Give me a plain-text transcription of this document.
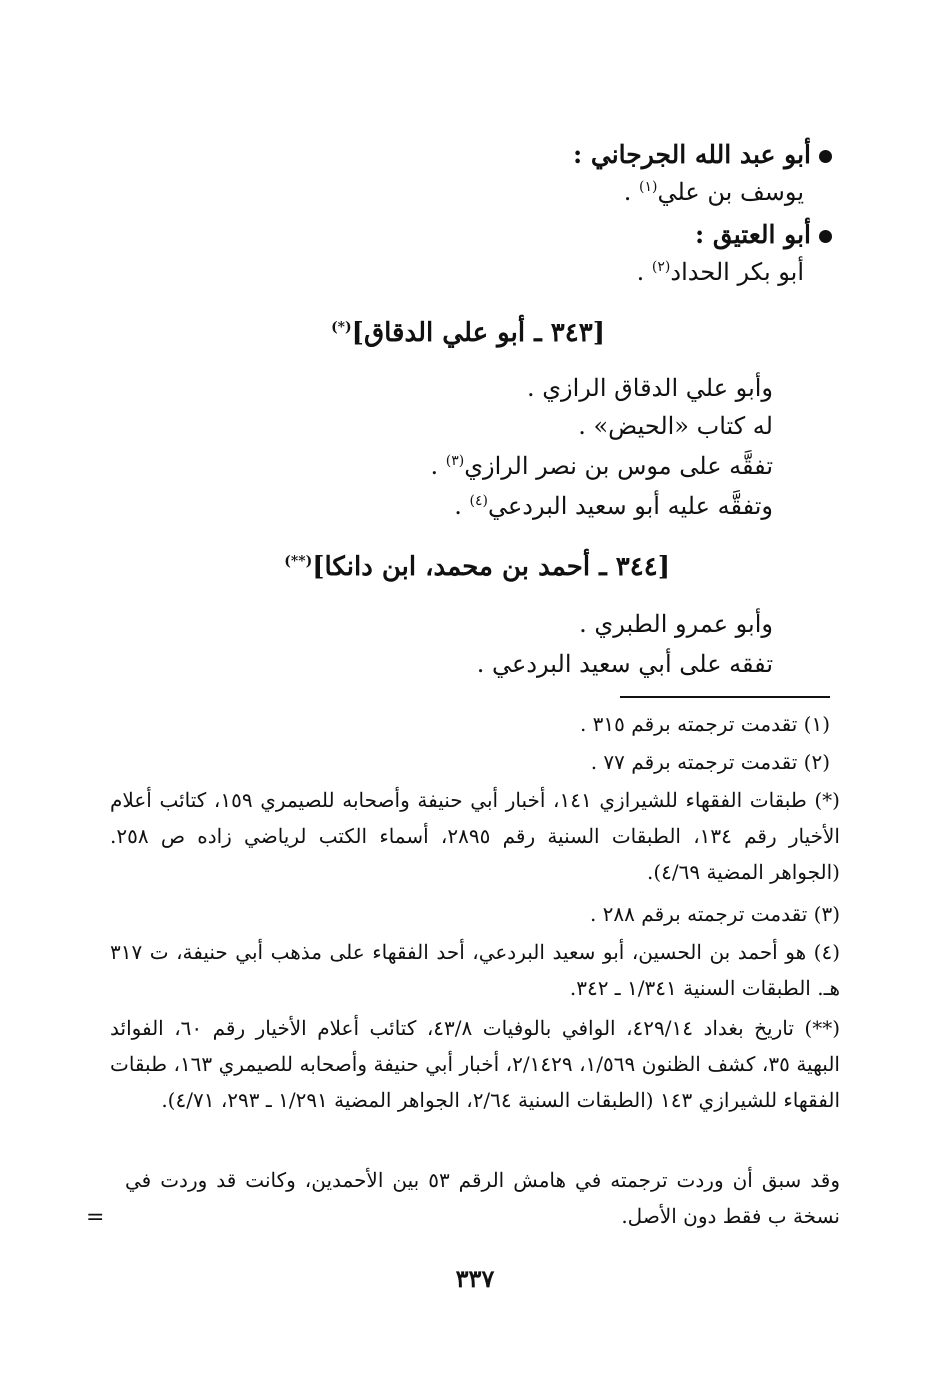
أبو عبد الله الجرجاني :
يوسف بن علي$^{(١)}$ .
أبو العتيق :
أبو بكر الحداد$^{(٢)}$ .
[٣٤٣ ـ أبو علي الدقاق](*)
وأبو علي الدقاق الرازي .
له كتاب «الحيض» .
تفقَّه على موس بن نصر الرازي$^{(٣)}$ .
وتفقَّه عليه أبو سعيد البردعي$^{(٤)}$ .
[٣٤٤ ـ أحمد بن محمد، ابن دانكا](**)
وأبو عمرو الطبري .
تفقه على أبي سعيد البردعي .
(١) تقدمت ترجمته برقم ٣١٥ .
(٢) تقدمت ترجمته برقم ٧٧ .
(*) طبقات الفقهاء للشيرازي ١٤١، أخبار أبي حنيفة وأصحابه للصيمري ١٥٩، كتائب أعلام الأخيار رقم ١٣٤، الطبقات السنية رقم ٢٨٩٥، أسماء الكتب لرياضي زاده ص ٢٥٨. (الجواهر المضية ٤/٦٩).
(٣) تقدمت ترجمته برقم ٢٨٨ .
(٤) هو أحمد بن الحسين، أبو سعيد البردعي، أحد الفقهاء على مذهب أبي حنيفة، ت ٣١٧ هـ. الطبقات السنية ١/٣٤١ ـ ٣٤٢.
(**) تاريخ بغداد ٤٢٩/١٤، الوافي بالوفيات ٤٣/٨، كتائب أعلام الأخيار رقم ٦٠، الفوائد البهية ٣٥، كشف الظنون ١/٥٦٩، ٢/١٤٢٩، أخبار أبي حنيفة وأصحابه للصيمري ١٦٣، طبقات الفقهاء للشيرازي ١٤٣ (الطبقات السنية ٢/٦٤، الجواهر المضية ١/٢٩١ ـ ٢٩٣، ٤/٧١).
وقد سبق أن وردت ترجمته في هامش الرقم ٥٣ بين الأحمدين، وكانت قد وردت في نسخة ب فقط دون الأصل.
=
٣٣٧
